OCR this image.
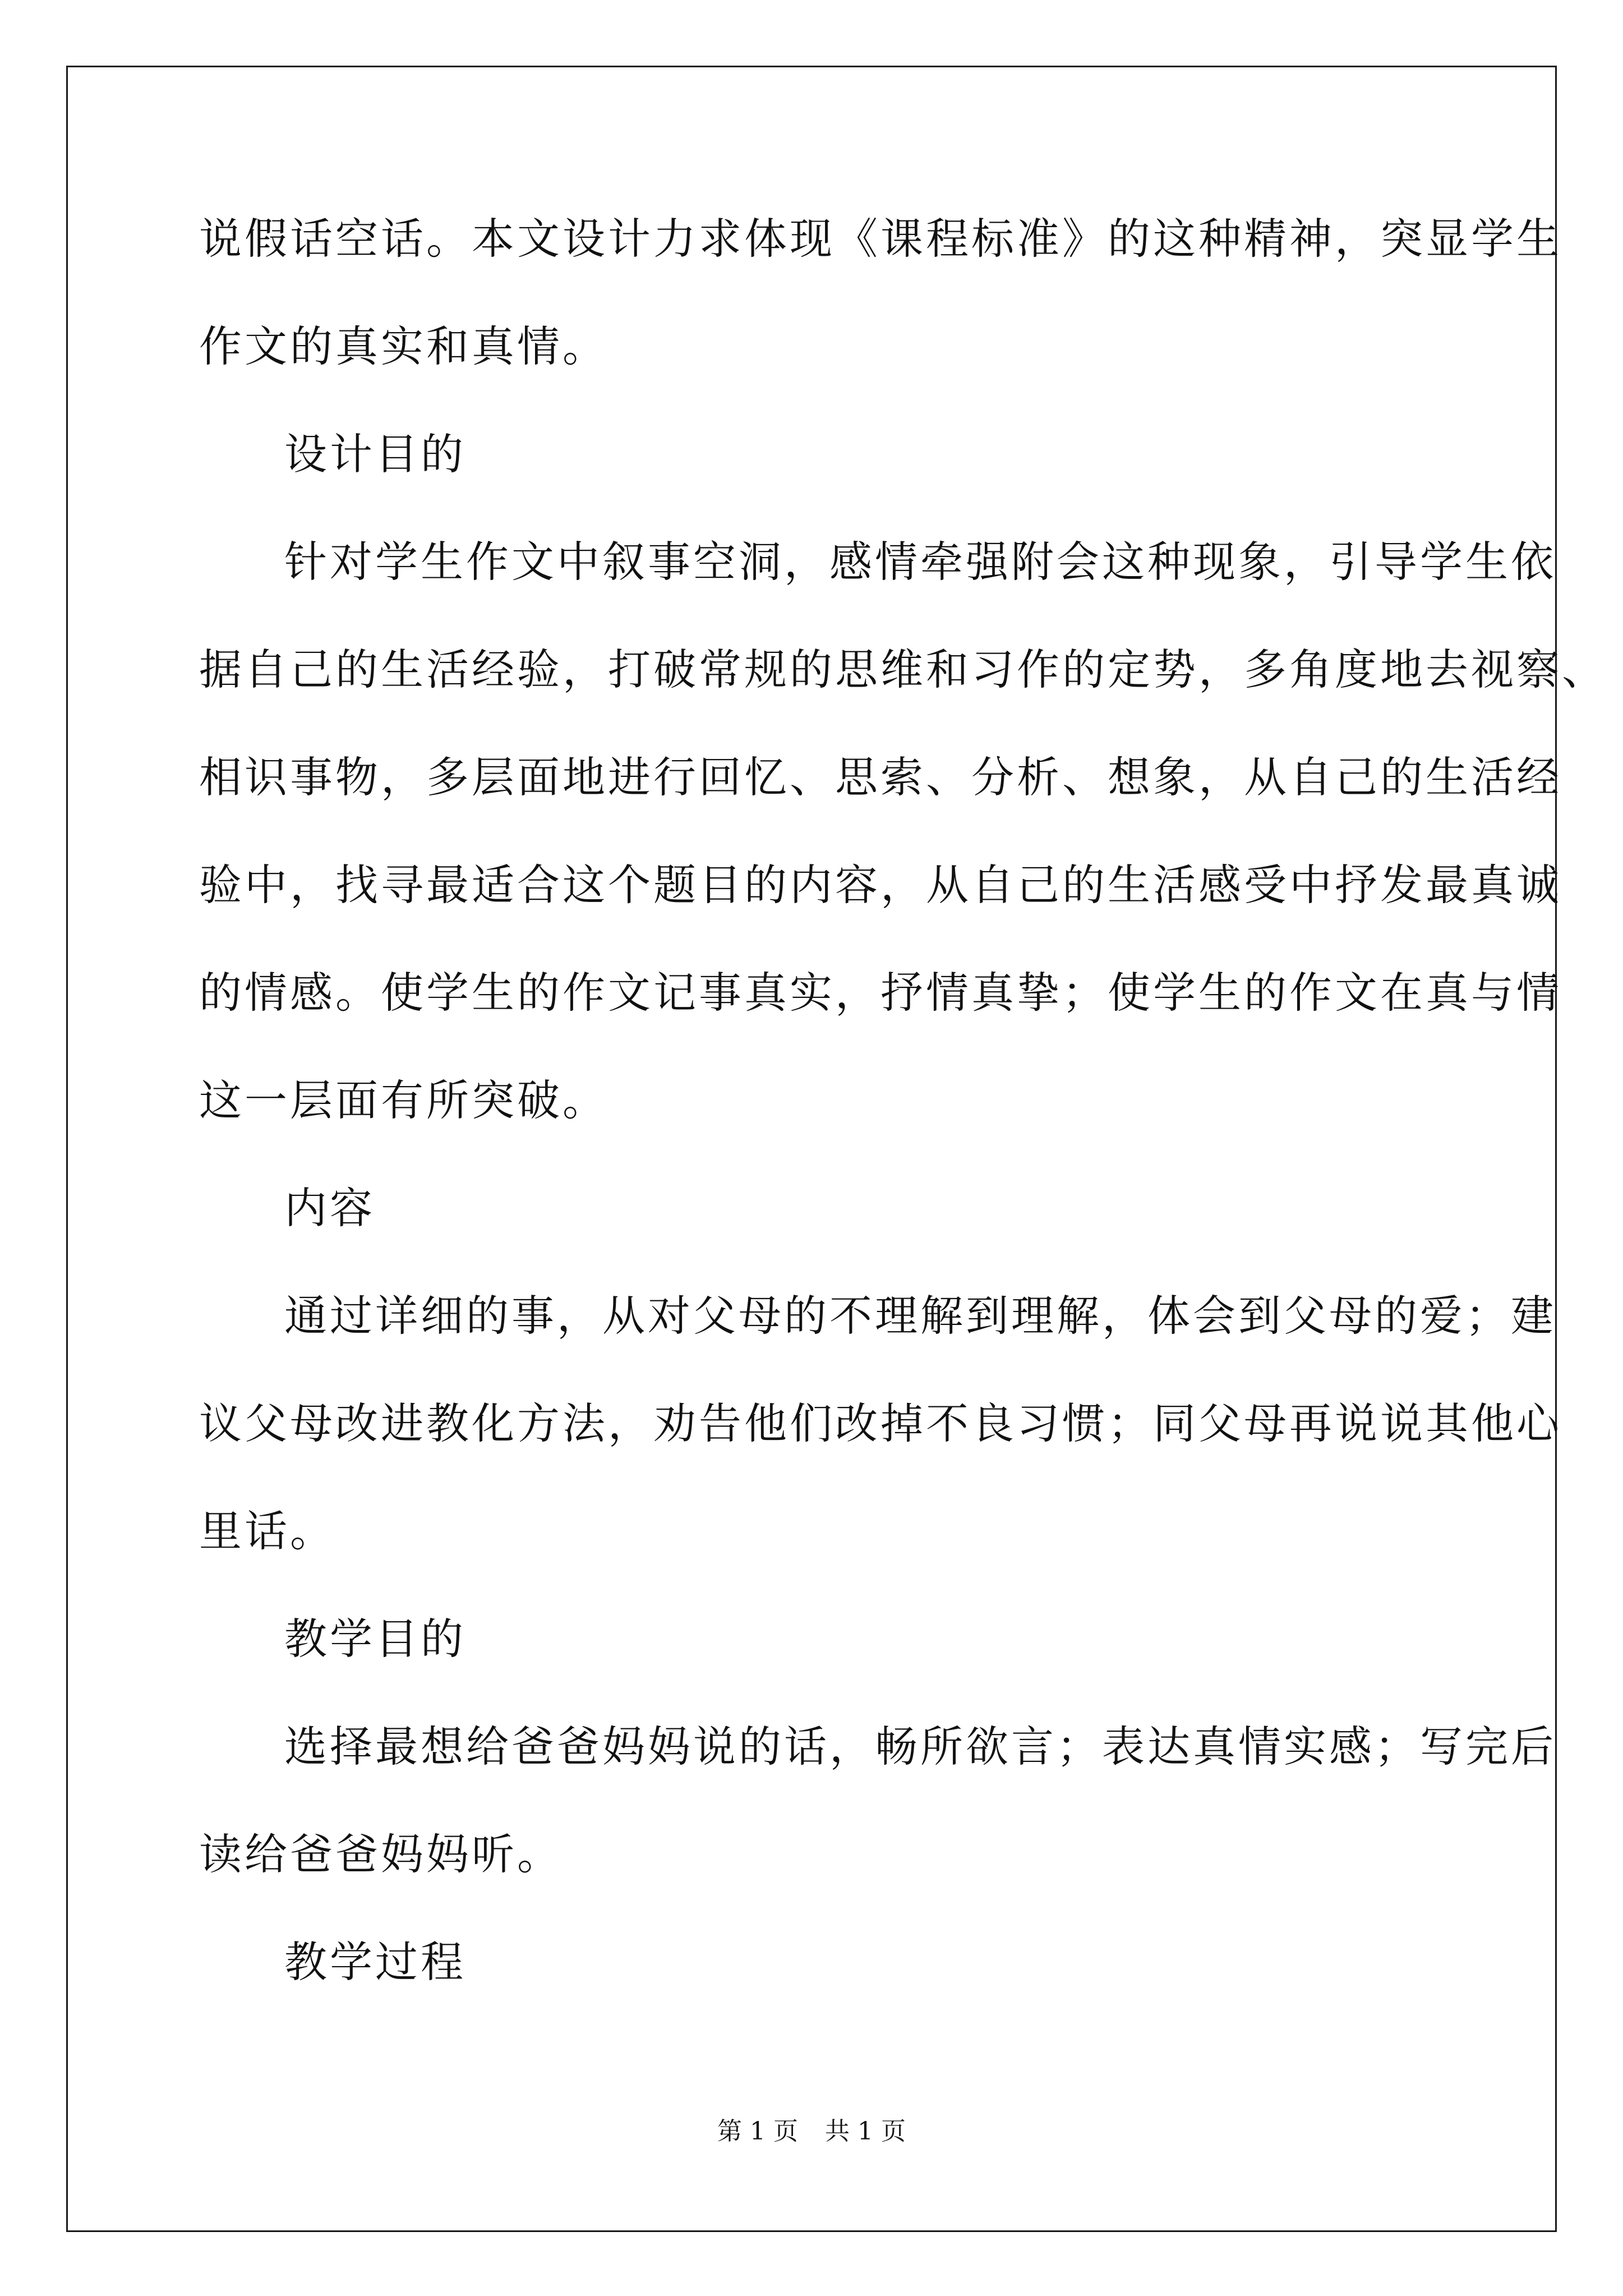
说假话空话。本文设计力求体现《课程标准》的这种精神，突显学生
作文的真实和真情。
设计目的
针对学生作文中叙事空洞，感情牵强附会这种现象，引导学生依
据自己的生活经验，打破常规的思维和习作的定势，多角度地去视察、
相识事物，多层面地进行回忆、思索、分析、想象，从自己的生活经
验中，找寻最适合这个题目的内容，从自己的生活感受中抒发最真诚
的情感。使学生的作文记事真实，抒情真挚；使学生的作文在真与情
这一层面有所突破。
内容
通过详细的事，从对父母的不理解到理解，体会到父母的爱；建
议父母改进教化方法，劝告他们改掉不良习惯；同父母再说说其他心
里话。
教学目的
选择最想给爸爸妈妈说的话，畅所欲言；表达真情实感；写完后
读给爸爸妈妈听。
教学过程
第 1 页 共 1 页
